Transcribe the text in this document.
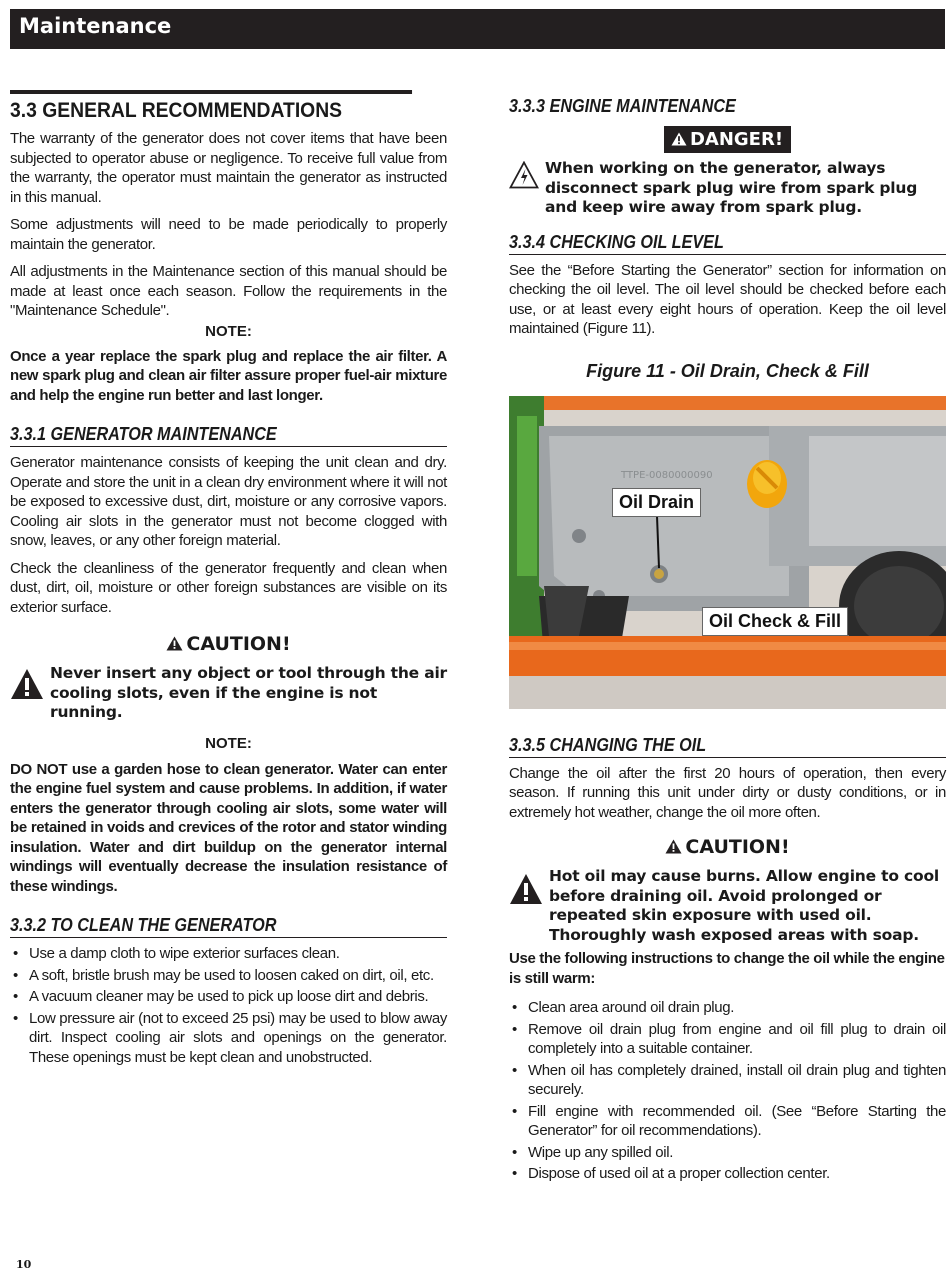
Maintenance
3.3 GENERAL RECOMMENDATIONS

The warranty of the generator does not cover items that have been subjected to operator abuse or negligence. To receive full value from the warranty, the operator must maintain the generator as instructed in this manual.

Some adjustments will need to be made periodically to properly maintain the generator.

All adjustments in the Maintenance section of this manual should be made at least once each season. Follow the requirements in the "Maintenance Schedule".

NOTE:

Once a year replace the spark plug and replace the air filter. A new spark plug and clean air filter assure proper fuel-air mixture and help the engine run better and last longer.

3.3.1 GENERATOR MAINTENANCE

Generator maintenance consists of keeping the unit clean and dry. Operate and store the unit in a clean dry environment where it will not be exposed to excessive dust, dirt, moisture or any corrosive vapors. Cooling air slots in the generator must not become clogged with snow, leaves, or any other foreign material.

Check the cleanliness of the generator frequently and clean when dust, dirt, oil, moisture or other foreign substances are visible on its exterior surface.

CAUTION!
Never insert any object or tool through the air cooling slots, even if the engine is not running.
NOTE:

DO NOT use a garden hose to clean generator. Water can enter the engine fuel system and cause problems. In addition, if water enters the generator through cooling air slots, some water will be retained in voids and crevices of the rotor and stator winding insulation. Water and dirt buildup on the generator internal windings will eventually decrease the insulation resistance of these windings.

3.3.2 TO CLEAN THE GENERATOR
• Use a damp cloth to wipe exterior surfaces clean.
• A soft, bristle brush may be used to loosen caked on dirt, oil, etc.
• A vacuum cleaner may be used to pick up loose dirt and debris.
• Low pressure air (not to exceed 25 psi) may be used to blow away dirt. Inspect cooling air slots and openings on the generator. These openings must be kept clean and unobstructed.
3.3.3 ENGINE MAINTENANCE
DANGER!
When working on the generator, always disconnect spark plug wire from spark plug and keep wire away from spark plug.
3.3.4 CHECKING OIL LEVEL

See the “Before Starting the Generator” section for information on checking the oil level. The oil level should be checked before each use, or at least every eight hours of operation. Keep the oil level maintained (Figure 11).

Figure 11 - Oil Drain, Check & Fill
TTPE-0080000090
Oil Drain
Oil Check & Fill
3.3.5 CHANGING THE OIL

Change the oil after the first 20 hours of operation, then every season. If running this unit under dirty or dusty conditions, or in extremely hot weather, change the oil more often.

CAUTION!
Hot oil may cause burns. Allow engine to cool before draining oil. Avoid prolonged or repeated skin exposure with used oil. Thoroughly wash exposed areas with soap.

Use the following instructions to change the oil while the engine is still warm:

• Clean area around oil drain plug.
• Remove oil drain plug from engine and oil fill plug to drain oil completely into a suitable container.
• When oil has completely drained, install oil drain plug and tighten securely.
• Fill engine with recommended oil. (See “Before Starting the Generator” for oil recommendations).
• Wipe up any spilled oil.
• Dispose of used oil at a proper collection center.
10
